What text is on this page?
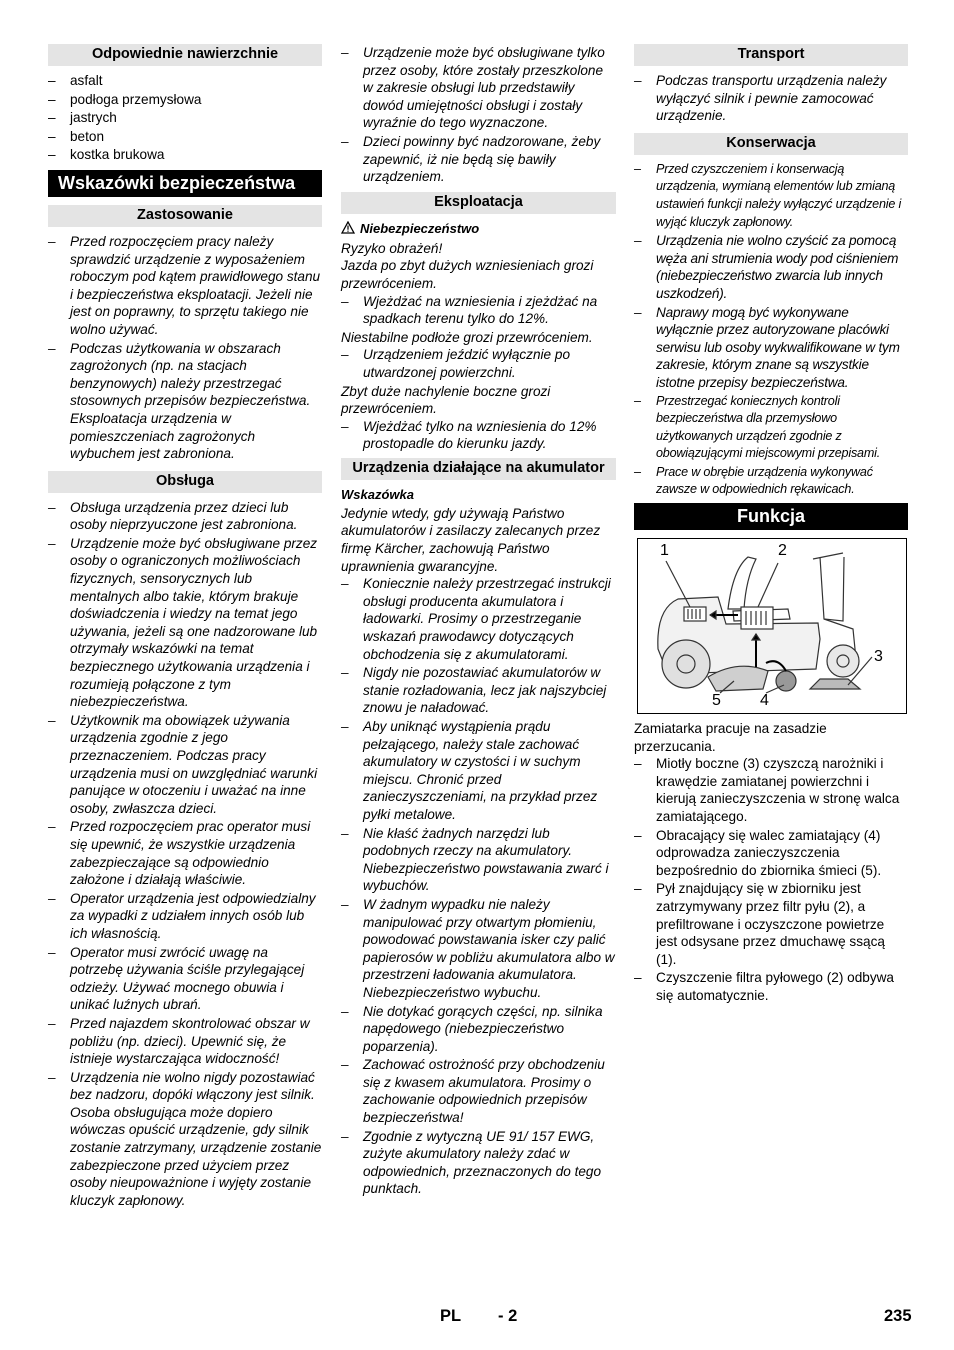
Odpowiednie nawierzchnie
– asfalt
– podłoga przemysłowa
– jastrych
– beton
– kostka brukowa
Wskazówki bezpieczeństwa
Zastosowanie
– Przed rozpoczęciem pracy należy sprawdzić urządzenie z wyposażeniem roboczym pod kątem prawidłowego stanu i bezpieczeństwa eksploatacji. Jeżeli nie jest on poprawny, to sprzętu takiego nie wolno używać.
– Podczas użytkowania w obszarach zagrożonych (np. na stacjach benzynowych) należy przestrzegać stosownych przepisów bezpieczeństwa. Eksploatacja urządzenia w pomieszczeniach zagrożonych wybuchem jest zabroniona.
Obsługa
– Obsługa urządzenia przez dzieci lub osoby nieprzyuczone jest zabroniona.
– Urządzenie może być obsługiwane przez osoby o ograniczonych możliwościach fizycznych, sensorycznych lub mentalnych albo takie, którym brakuje doświadczenia i wiedzy na temat jego używania, jeżeli są one nadzorowane lub otrzymały wskazówki na temat bezpiecznego użytkowania urządzenia i rozumieją połączone z tym niebezpieczeństwa.
– Użytkownik ma obowiązek używania urządzenia zgodnie z jego przeznaczeniem. Podczas pracy urządzenia musi on uwzględniać warunki panujące w otoczeniu i uważać na inne osoby, zwłaszcza dzieci.
– Przed rozpoczęciem prac operator musi się upewnić, że wszystkie urządzenia zabezpieczające są odpowiednio założone i działają właściwie.
– Operator urządzenia jest odpowiedzialny za wypadki z udziałem innych osób lub ich własnością.
– Operator musi zwrócić uwagę na potrzebę używania ściśle przylegającej odzieży. Używać mocnego obuwia i unikać luźnych ubrań.
– Przed najazdem skontrolować obszar w pobliżu (np. dzieci). Upewnić się, że istnieje wystarczająca widoczność!
– Urządzenia nie wolno nigdy pozostawiać bez nadzoru, dopóki włączony jest silnik. Osoba obsługująca może dopiero wówczas opuścić urządzenie, gdy silnik zostanie zatrzymany, urządzenie zostanie zabezpieczone przed użyciem przez osoby nieupoważnione i wyjęty zostanie kluczyk zapłonowy.
– Urządzenie może być obsługiwane tylko przez osoby, które zostały przeszkolone w zakresie obsługi lub przedstawiły dowód umiejętności obsługi i zostały wyraźnie do tego wyznaczone.
– Dzieci powinny być nadzorowane, żeby zapewnić, iż nie będą się bawiły urządzeniem.
Eksploatacja
Niebezpieczeństwo

Ryzyko obrażeń!

Jazda po zbyt dużych wzniesieniach grozi przewróceniem.

– Wjeżdżać na wzniesienia i zjeżdżać na spadkach terenu tylko do 12%.

Niestabilne podłoże grozi przewróceniem.

– Urządzeniem jeździć wyłącznie po utwardzonej powierzchni.

Zbyt duże nachylenie boczne grozi przewróceniem.

– Wjeżdżać tylko na wzniesienia do 12% prostopadle do kierunku jazdy.
Urządzenia działające na akumulator
Wskazówka

Jedynie wtedy, gdy używają Państwo akumulatorów i zasilaczy zalecanych przez firmę Kärcher, zachowują Państwo uprawnienia gwarancyjne.

– Koniecznie należy przestrzegać instrukcji obsługi producenta akumulatora i ładowarki. Prosimy o przestrzeganie wskazań prawodawcy dotyczących obchodzenia się z akumulatorami.
– Nigdy nie pozostawiać akumulatorów w stanie rozładowania, lecz jak najszybciej znowu je naładować.
– Aby uniknąć wystąpienia prądu pełzającego, należy stale zachować akumulatory w czystości i w suchym miejscu. Chronić przed zanieczyszczeniami, na przykład przez pyłki metalowe.
– Nie kłaść żadnych narzędzi lub podobnych rzeczy na akumulatory. Niebezpieczeństwo powstawania zwarć i wybuchów.
– W żadnym wypadku nie należy manipulować przy otwartym płomieniu, powodować powstawania isker czy palić papierosów w pobliżu akumulatora albo w przestrzeni ładowania akumulatora. Niebezpieczeństwo wybuchu.
– Nie dotykać gorących części, np. silnika napędowego (niebezpieczeństwo poparzenia).
– Zachować ostrożność przy obchodzeniu się z kwasem akumulatora. Prosimy o zachowanie odpowiednich przepisów bezpieczeństwa!
– Zgodnie z wytyczną UE 91/ 157 EWG, zużyte akumulatory należy zdać w odpowiednich, przeznaczonych do tego punktach.
Transport
– Podczas transportu urządzenia należy wyłączyć silnik i pewnie zamocować urządzenie.
Konserwacja
– Przed czyszczeniem i konserwacją urządzenia, wymianą elementów lub zmianą ustawień funkcji należy wyłączyć urządzenie i wyjąć kluczyk zapłonowy.
– Urządzenia nie wolno czyścić za pomocą węża ani strumienia wody pod ciśnieniem (niebezpieczeństwo zwarcia lub innych uszkodzeń).
– Naprawy mogą być wykonywane wyłącznie przez autoryzowane placówki serwisu lub osoby wykwalifikowane w tym zakresie, którym znane są wszystkie istotne przepisy bezpieczeństwa.
– Przestrzegać koniecznych kontroli bezpieczeństwa dla przemysłowo użytkowanych urządzeń zgodnie z obowiązującymi miejscowymi przepisami.
– Prace w obrębie urządzenia wykonywać zawsze w odpowiednich rękawicach.
Funkcja
1	2
3
4
5

Zamiatarka pracuje na zasadzie przerzucania.

– Miotły boczne (3) czyszczą narożniki i krawędzie zamiatanej powierzchni i kierują zanieczyszczenia w stronę walca zamiatającego.
– Obracający się walec zamiatający (4) odprowadza zanieczyszczenia bezpośrednio do zbiornika śmieci (5).
– Pył znajdujący się w zbiorniku jest zatrzymywany przez filtr pyłu (2), a prefiltrowane i oczyszczone powietrze jest odsysane przez dmuchawę ssącą (1).
– Czyszczenie filtra pyłowego (2) odbywa się automatycznie.
PL - 2	235
